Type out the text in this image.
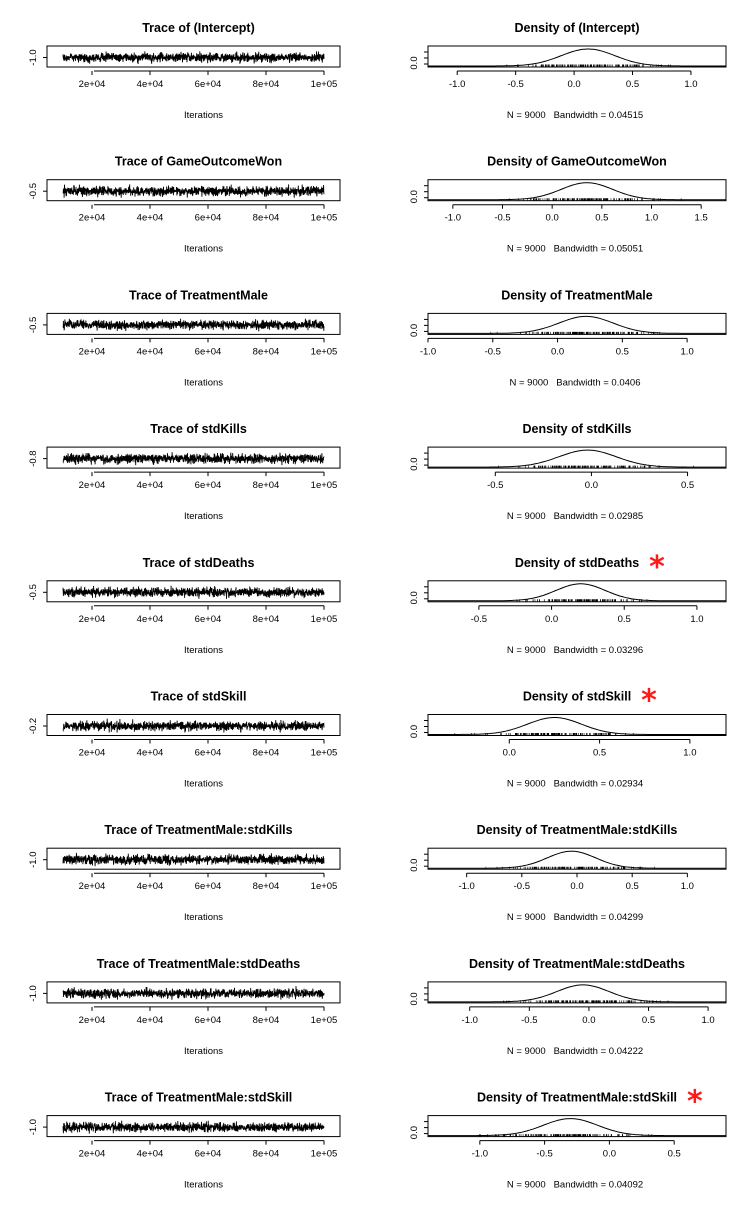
Trace of (Intercept)
2e+04	4e+04	6e+04	8e+04	1e+05
Iterations
-1.0
Density of (Intercept)
0.0
-1.0	-0.5	0.0	0.5	1.0
N = 9000   Bandwidth = 0.04515
Trace of GameOutcomeWon
2e+04	4e+04	6e+04	8e+04	1e+05
Iterations
-0.5
Density of GameOutcomeWon
0.0
-1.0	-0.5	0.0	0.5	1.0	1.5
N = 9000   Bandwidth = 0.05051
Trace of TreatmentMale
2e+04	4e+04	6e+04	8e+04	1e+05
Iterations
-0.5
Density of TreatmentMale
0.0
-1.0	-0.5	0.0	0.5	1.0
N = 9000   Bandwidth = 0.0406
Trace of stdKills
2e+04	4e+04	6e+04	8e+04	1e+05
Iterations
-0.8
Density of stdKills
0.0
-0.5	0.0	0.5
N = 9000   Bandwidth = 0.02985
Trace of stdDeaths
2e+04	4e+04	6e+04	8e+04	1e+05
Iterations
-0.5
Density of stdDeaths *
0.0
-0.5	0.0	0.5	1.0
N = 9000   Bandwidth = 0.03296
Trace of stdSkill
2e+04	4e+04	6e+04	8e+04	1e+05
Iterations
-0.2
Density of stdSkill *
0.0
0.0	0.5	1.0
N = 9000   Bandwidth = 0.02934
Trace of TreatmentMale:stdKills
2e+04	4e+04	6e+04	8e+04	1e+05
Iterations
-1.0
Density of TreatmentMale:stdKills
0.0
-1.0	-0.5	0.0	0.5	1.0
N = 9000   Bandwidth = 0.04299
Trace of TreatmentMale:stdDeaths
2e+04	4e+04	6e+04	8e+04	1e+05
Iterations
-1.0
Density of TreatmentMale:stdDeaths
0.0
-1.0	-0.5	0.0	0.5	1.0
N = 9000   Bandwidth = 0.04222
Trace of TreatmentMale:stdSkill
2e+04	4e+04	6e+04	8e+04	1e+05
Iterations
-1.0
Density of TreatmentMale:stdSkill *
0.0
-1.0	-0.5	0.0	0.5
N = 9000   Bandwidth = 0.04092
